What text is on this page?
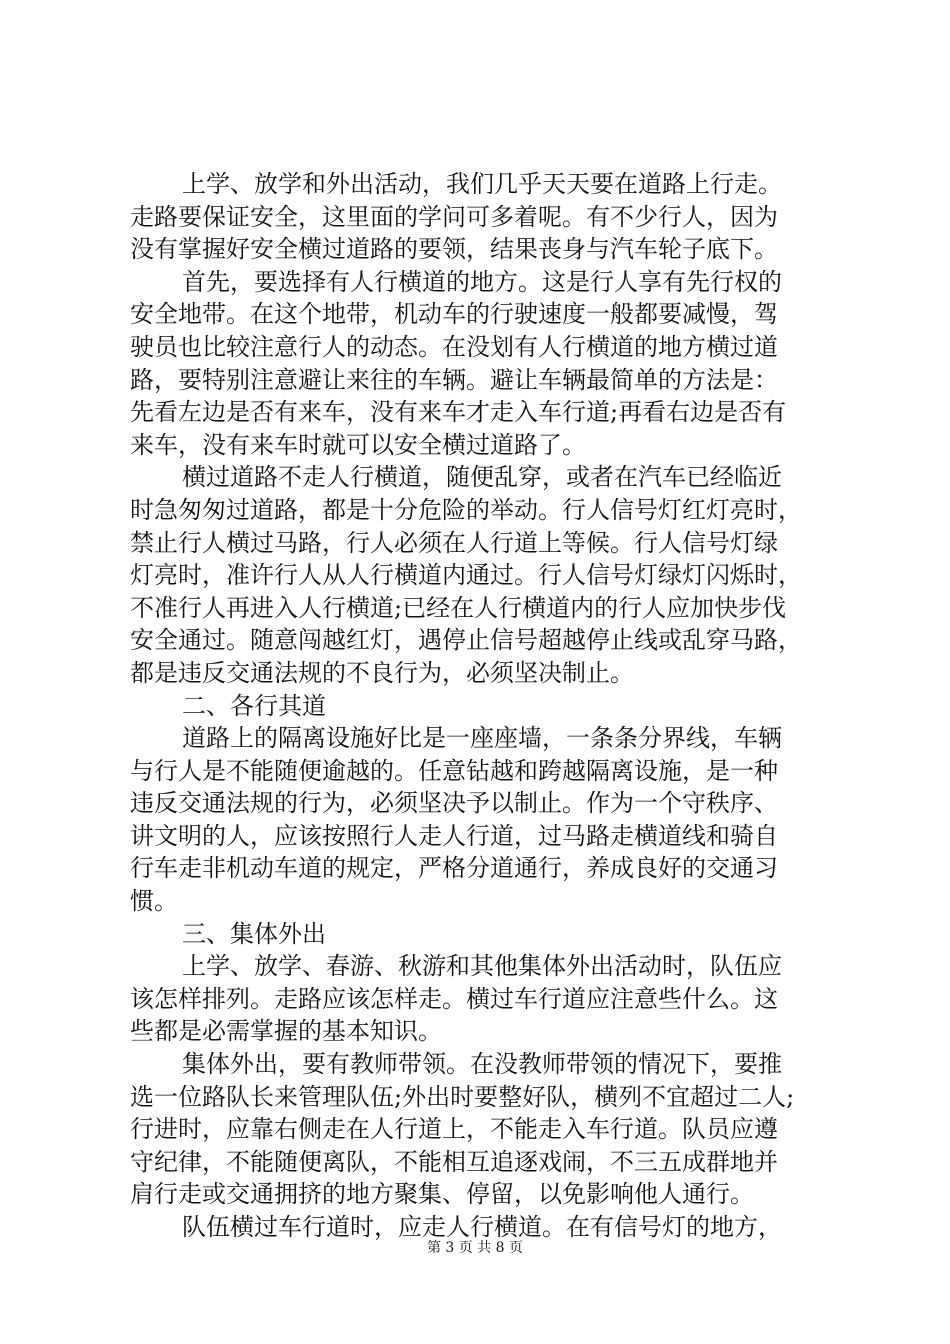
上学、放学和外出活动，我们几乎天天要在道路上行走。
走路要保证安全，这里面的学问可多着呢。有不少行人，因为
没有掌握好安全横过道路的要领，结果丧身与汽车轮子底下。
首先，要选择有人行横道的地方。这是行人享有先行权的
安全地带。在这个地带，机动车的行驶速度一般都要减慢，驾
驶员也比较注意行人的动态。在没划有人行横道的地方横过道
路，要特别注意避让来往的车辆。避让车辆最简单的方法是：
先看左边是否有来车，没有来车才走入车行道;再看右边是否有
来车，没有来车时就可以安全横过道路了。
横过道路不走人行横道，随便乱穿，或者在汽车已经临近
时急匆匆过道路，都是十分危险的举动。行人信号灯红灯亮时，
禁止行人横过马路，行人必须在人行道上等候。行人信号灯绿
灯亮时，准许行人从人行横道内通过。行人信号灯绿灯闪烁时，
不准行人再进入人行横道;已经在人行横道内的行人应加快步伐
安全通过。随意闯越红灯，遇停止信号超越停止线或乱穿马路，
都是违反交通法规的不良行为，必须坚决制止。
二、各行其道
道路上的隔离设施好比是一座座墙，一条条分界线，车辆
与行人是不能随便逾越的。任意钻越和跨越隔离设施，是一种
违反交通法规的行为，必须坚决予以制止。作为一个守秩序、
讲文明的人，应该按照行人走人行道，过马路走横道线和骑自
行车走非机动车道的规定，严格分道通行，养成良好的交通习
惯。
三、集体外出
上学、放学、春游、秋游和其他集体外出活动时，队伍应
该怎样排列。走路应该怎样走。横过车行道应注意些什么。这
些都是必需掌握的基本知识。
集体外出，要有教师带领。在没教师带领的情况下，要推
选一位路队长来管理队伍;外出时要整好队，横列不宜超过二人;
行进时，应靠右侧走在人行道上，不能走入车行道。队员应遵
守纪律，不能随便离队，不能相互追逐戏闹，不三五成群地并
肩行走或交通拥挤的地方聚集、停留，以免影响他人通行。
队伍横过车行道时，应走人行横道。在有信号灯的地方，
第 3 页 共 8 页
